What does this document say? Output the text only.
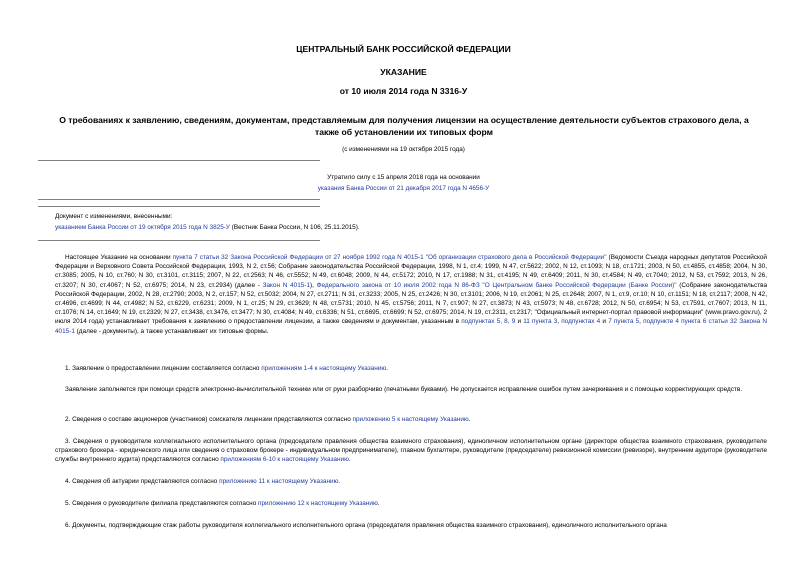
ЦЕНТРАЛЬНЫЙ БАНК РОССИЙСКОЙ ФЕДЕРАЦИИ
УКАЗАНИЕ
от 10 июля 2014 года N 3316-У
О требованиях к заявлению, сведениям, документам, представляемым для получения лицензии на осуществление деятельности субъектов страхового дела, а также об установлении их типовых форм
(с изменениями на 19 октября 2015 года)
Утратило силу с 15 апреля 2018 года на основании
указания Банка России от 21 декабря 2017 года N 4656-У
Документ с изменениями, внесенными:
указанием Банка России от 19 октября 2015 года N 3825-У (Вестник Банка России, N 106, 25.11.2015).
Настоящее Указание на основании пункта 7 статьи 32 Закона Российской Федерации от 27 ноября 1992 года N 4015-1 "Об организации страхового дела в Российской Федерации" (Ведомости Съезда народных депутатов Российской Федерации и Верховного Совета Российской Федерации, 1993, N 2, ст.56; Собрание законодательства Российской Федерации, 1998, N 1, ст.4; 1999, N 47, ст.5622; 2002, N 12, ст.1093; N 18, ст.1721; 2003, N 50, ст.4855, ст.4858; 2004, N 30, ст.3085; 2005, N 10, ст.760; N 30, ст.3101, ст.3115; 2007, N 22, ст.2563; N 46, ст.5552; N 49, ст.6048; 2009, N 44, ст.5172; 2010, N 17, ст.1988; N 31, ст.4195; N 49, ст.6409; 2011, N 30, ст.4584; N 49, ст.7040; 2012, N 53, ст.7592; 2013, N 26, ст.3207; N 30, ст.4067; N 52, ст.6975; 2014, N 23, ст.2934) (далее - Закон N 4015-1), Федерального закона от 10 июля 2002 года N 86-ФЗ "О Центральном банке Российской Федерации (Банке России)" (Собрание законодательства Российской Федерации, 2002, N 28, ст.2790; 2003, N 2, ст.157; N 52, ст.5032; 2004, N 27, ст.2711; N 31, ст.3233; 2005, N 25, ст.2426; N 30, ст.3101; 2006, N 19, ст.2061; N 25, ст.2648; 2007, N 1, ст.9, ст.10; N 10, ст.1151; N 18, ст.2117; 2008, N 42, ст.4696, ст.4699; N 44, ст.4982; N 52, ст.6229, ст.6231; 2009, N 1, ст.25; N 29, ст.3629; N 48, ст.5731; 2010, N 45, ст.5756; 2011, N 7, ст.907; N 27, ст.3873; N 43, ст.5973; N 48, ст.6728; 2012, N 50, ст.6954; N 53, ст.7591, ст.7607; 2013, N 11, ст.1076; N 14, ст.1649; N 19, ст.2329; N 27, ст.3438, ст.3476, ст.3477; N 30, ст.4084; N 49, ст.6336; N 51, ст.6695, ст.6699; N 52, ст.6975; 2014, N 19, ст.2311, ст.2317; "Официальный интернет-портал правовой информации" (www.pravo.gov.ru), 2 июля 2014 года) устанавливает требования к заявлению о предоставлении лицензии, а также сведениям и документам, указанным в подпунктах 5, 8, 9 и 11 пункта 3, подпунктах 4 и 7 пункта 5, подпункте 4 пункта 6 статьи 32 Закона N 4015-1 (далее - документы), а также устанавливает их типовые формы.
1. Заявление о предоставлении лицензии составляется согласно приложениям 1-4 к настоящему Указанию.
Заявление заполняется при помощи средств электронно-вычислительной техники или от руки разборчиво (печатными буквами). Не допускается исправление ошибок путем зачеркивания и с помощью корректирующих средств.
2. Сведения о составе акционеров (участников) соискателя лицензии представляются согласно приложению 5 к настоящему Указанию.
3. Сведения о руководителе коллегиального исполнительного органа (председателе правления общества взаимного страхования), единоличном исполнительном органе (директоре общества взаимного страхования, руководителе страхового брокера - юридического лица или сведения о страховом брокере - индивидуальном предпринимателе), главном бухгалтере, руководителе (председателе) ревизионной комиссии (ревизоре), внутреннем аудиторе (руководителе службы внутреннего аудита) представляются согласно приложениям 6-10 к настоящему Указанию.
4. Сведения об актуарии представляются согласно приложению 11 к настоящему Указанию.
5. Сведения о руководителе филиала представляются согласно приложению 12 к настоящему Указанию.
6. Документы, подтверждающие стаж работы руководителя коллегиального исполнительного органа (председателя правления общества взаимного страхования), единоличного исполнительного органа
